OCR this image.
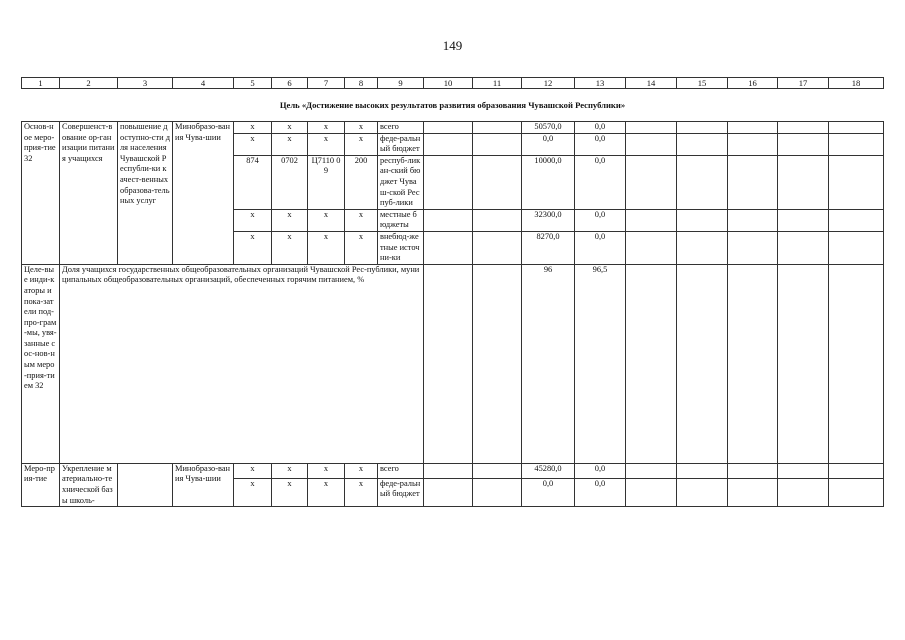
149
1	2	3	4	5	6	7	8	9	10	11	12	13	14	15	16	17	18
Цель «Достижение высоких результатов развития образования Чувашской Республики»																	
Основ-ное меро-прия-тие 32	Совершенст-вование ор-ганизации питания учащихся	повышение доступно-сти для населения Чувашской Республи-ки качест-венных образова-тельных услуг	Минобразо-вания Чува-шии	x	x	x	x	всего			50570,0	0,0					
				x	x	x	x	феде-ральный бюджет			0,0	0,0					
				874	0702	Ц7110 09	200	респуб-ликан-ский бюджет Чуваш-ской Респуб-лики			10000,0	0,0					
				x	x	x	x	местные бюджеты			32300,0	0,0					
				x	x	x	x	внебюд-жетные источни-ки			8270,0	0,0					
Целе-вые инди-каторы и пока-затели под-про-грам-мы, увя-занные с ос-нов-ным меро-прия-тием 32	Доля учащихся государственных общеобразовательных организаций Чувашской Рес-публики, муниципальных общеобразовательных организаций, обеспеченных горячим питанием, %										96	96,5					
Меро-прия-тие	Укрепление материально-технической базы школь-		Минобразо-вания Чува-шии	x	x	x	x	всего			45280,0	0,0					
				x	x	x	x	феде-ральный бюджет			0,0	0,0					
